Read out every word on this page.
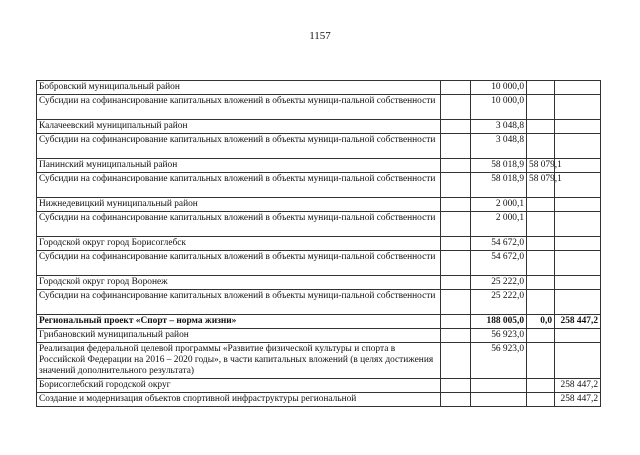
1157
Бобровский муниципальный район		10 000,0		
Субсидии на софинансирование капитальных вложений в объекты муници-пальной собственности		10 000,0		
Калачеевский муниципальный район		3 048,8		
Субсидии на софинансирование капитальных вложений в объекты муници-пальной собственности		3 048,8		
Панинский муниципальный район		58 018,9	58 079,1	
Субсидии на софинансирование капитальных вложений в объекты муници-пальной собственности		58 018,9	58 079,1	
Нижнедевицкий муниципальный район		2 000,1		
Субсидии на софинансирование капитальных вложений в объекты муници-пальной собственности		2 000,1		
Городской округ город Борисоглебск		54 672,0		
Субсидии на софинансирование капитальных вложений в объекты муници-пальной собственности		54 672,0		
Городской округ город Воронеж		25 222,0		
Субсидии на софинансирование капитальных вложений в объекты муници-пальной собственности		25 222,0		
Региональный проект «Спорт – норма жизни»		188 005,0	0,0	258 447,2
Грибановский муниципальный район		56 923,0		
Реализация федеральной целевой программы «Развитие физической культуры и спорта в Российской Федерации на 2016 – 2020 годы», в части капитальных вложений (в целях достижения значений дополнительного результата)		56 923,0		
Борисоглебский городской округ				258 447,2
Создание и модернизация объектов спортивной инфраструктуры региональной				258 447,2
